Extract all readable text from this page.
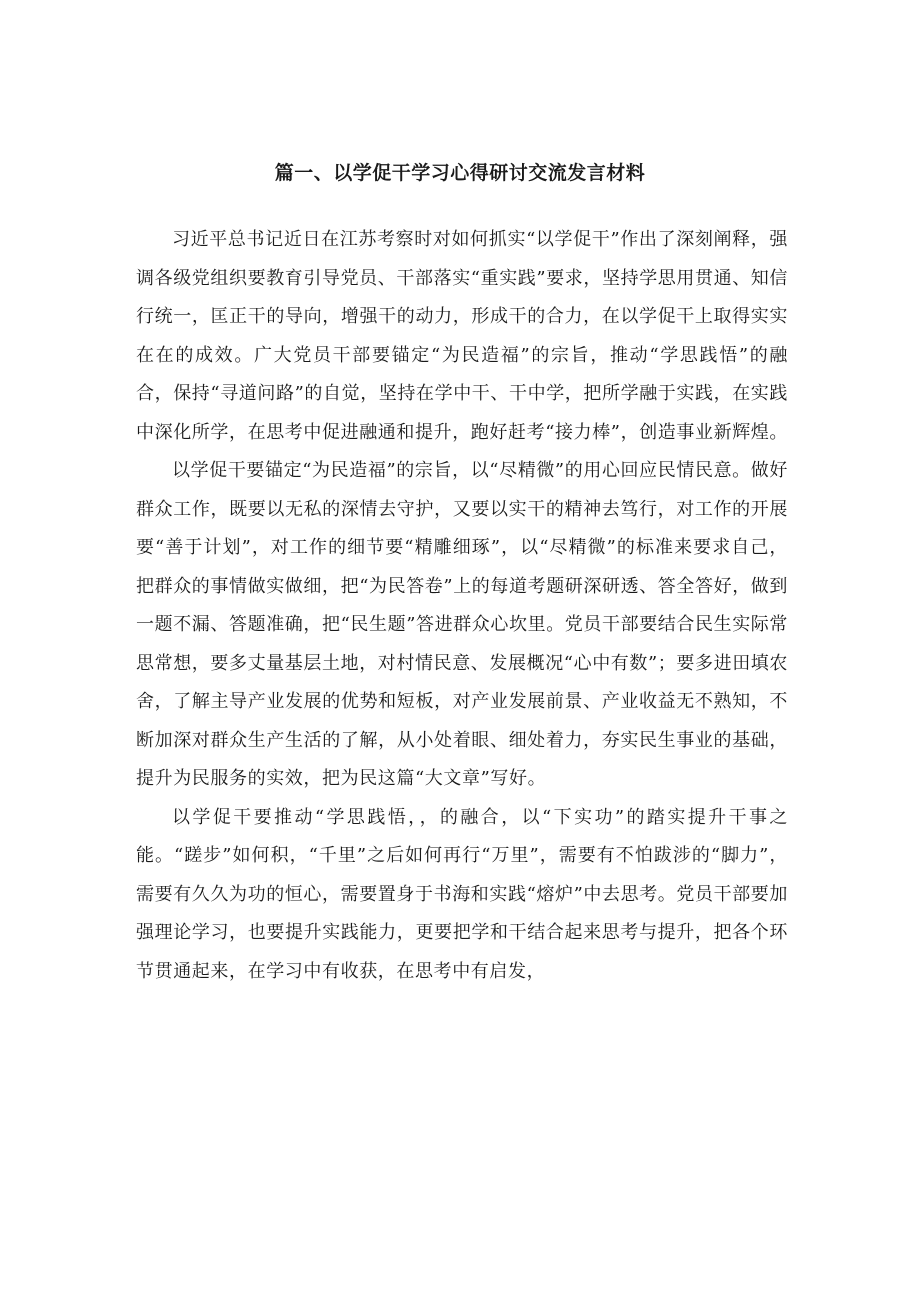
篇一、以学促干学习心得研讨交流发言材料

习近平总书记近日在江苏考察时对如何抓实“以学促干”作出了深刻阐释，强调各级党组织要教育引导党员、干部落实“重实践”要求，坚持学思用贯通、知信行统一，匡正干的导向，增强干的动力，形成干的合力，在以学促干上取得实实在在的成效。广大党员干部要锚定“为民造福”的宗旨，推动“学思践悟”的融合，保持“寻道问路”的自觉，坚持在学中干、干中学，把所学融于实践，在实践中深化所学，在思考中促进融通和提升，跑好赶考“接力棒”，创造事业新辉煌。

以学促干要锚定“为民造福”的宗旨，以“尽精微”的用心回应民情民意。做好群众工作，既要以无私的深情去守护，又要以实干的精神去笃行，对工作的开展要“善于计划”，对工作的细节要“精雕细琢”，以“尽精微”的标准来要求自己，把群众的事情做实做细，把“为民答卷”上的每道考题研深研透、答全答好，做到一题不漏、答题准确，把“民生题”答进群众心坎里。党员干部要结合民生实际常思常想，要多丈量基层土地，对村情民意、发展概况“心中有数”；要多进田填农舍，了解主导产业发展的优势和短板，对产业发展前景、产业收益无不熟知，不断加深对群众生产生活的了解，从小处着眼、细处着力，夯实民生事业的基础，提升为民服务的实效，把为民这篇“大文章”写好。

以学促干要推动“学思践悟，，的融合，以“下实功”的踏实提升干事之能。“蹉步”如何积，“千里”之后如何再行“万里”，需要有不怕跋涉的“脚力”，需要有久久为功的恒心，需要置身于书海和实践“熔炉”中去思考。党员干部要加强理论学习，也要提升实践能力，更要把学和干结合起来思考与提升，把各个环节贯通起来，在学习中有收获，在思考中有启发，
